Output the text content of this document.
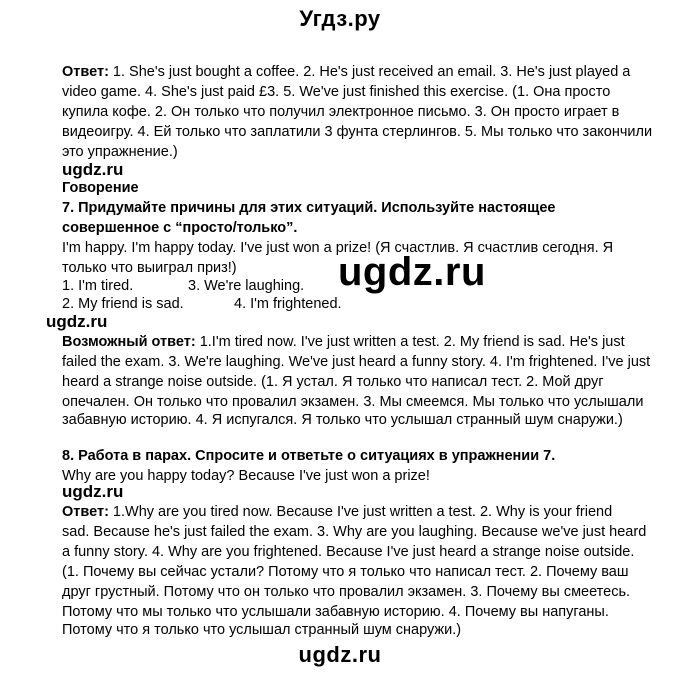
Угдз.ру
Ответ: 1. She's just bought a coffee. 2. He's just received an email. 3. He's just played a
video game. 4. She's just paid £3. 5. We've just finished this exercise. (1. Она просто
купила кофе. 2. Он только что получил электронное письмо. 3. Он просто играет в
видеоигру. 4. Ей только что заплатили 3 фунта стерлингов. 5. Мы только что закончили
это упражнение.)
ugdz.ru
Говорение
7. Придумайте причины для этих ситуаций. Используйте настоящее
совершенное с “просто/только”.
I'm happy. I'm happy today. I've just won a prize! (Я счастлив. Я счастлив сегодня. Я
только что выиграл приз!)	ugdz.ru
1. I'm tired.	3. We're laughing.
2. My friend is sad.	4. I'm frightened.
ugdz.ru
Возможный ответ: 1.I'm tired now. I've just written a test. 2. My friend is sad. He's just
failed the exam. 3. We're laughing. We've just heard a funny story. 4. I'm frightened. I've just
heard a strange noise outside. (1. Я устал. Я только что написал тест. 2. Мой друг
опечален. Он только что провалил экзамен. 3. Мы смеемся. Мы только что услышали
забавную историю. 4. Я испугался. Я только что услышал странный шум снаружи.)
8. Работа в парах. Спросите и ответьте о ситуациях в упражнении 7.
Why are you happy today? Because I've just won a prize!
ugdz.ru
Ответ: 1.Why are you tired now. Because I've just written a test. 2. Why is your friend
sad. Because he's just failed the exam. 3. Why are you laughing. Because we've just heard
a funny story. 4. Why are you frightened. Because I've just heard a strange noise outside.
(1. Почему вы сейчас устали? Потому что я только что написал тест. 2. Почему ваш
друг грустный. Потому что он только что провалил экзамен. 3. Почему вы смеетесь.
Потому что мы только что услышали забавную историю. 4. Почему вы напуганы.
Потому что я только что услышал странный шум снаружи.)
ugdz.ru
